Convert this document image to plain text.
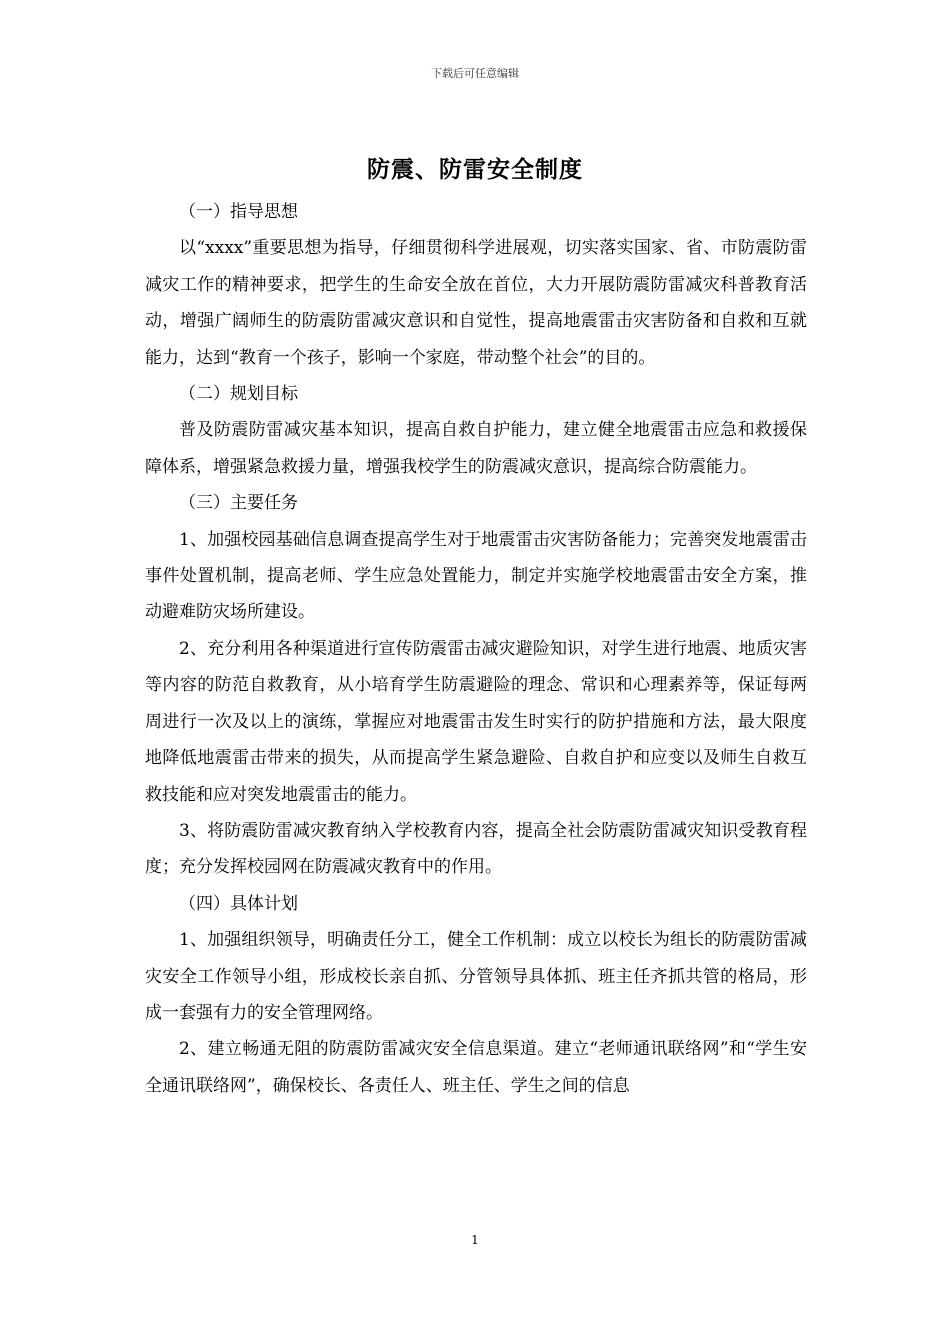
下载后可任意编辑
防震、防雷安全制度

（一）指导思想

以“xxxx”重要思想为指导，仔细贯彻科学进展观，切实落实国家、省、市防震防雷减灾工作的精神要求，把学生的生命安全放在首位，大力开展防震防雷减灾科普教育活动，增强广阔师生的防震防雷减灾意识和自觉性，提高地震雷击灾害防备和自救和互就能力，达到“教育一个孩子，影响一个家庭，带动整个社会”的目的。

（二）规划目标

普及防震防雷减灾基本知识，提高自救自护能力，建立健全地震雷击应急和救援保障体系，增强紧急救援力量，增强我校学生的防震减灾意识，提高综合防震能力。

（三）主要任务

1、加强校园基础信息调查提高学生对于地震雷击灾害防备能力；完善突发地震雷击事件处置机制，提高老师、学生应急处置能力，制定并实施学校地震雷击安全方案，推动避难防灾场所建设。

2、充分利用各种渠道进行宣传防震雷击减灾避险知识，对学生进行地震、地质灾害等内容的防范自救教育，从小培育学生防震避险的理念、常识和心理素养等，保证每两周进行一次及以上的演练，掌握应对地震雷击发生时实行的防护措施和方法，最大限度地降低地震雷击带来的损失，从而提高学生紧急避险、自救自护和应变以及师生自救互救技能和应对突发地震雷击的能力。

3、将防震防雷减灾教育纳入学校教育内容，提高全社会防震防雷减灾知识受教育程度；充分发挥校园网在防震减灾教育中的作用。

（四）具体计划

1、加强组织领导，明确责任分工，健全工作机制：成立以校长为组长的防震防雷减灾安全工作领导小组，形成校长亲自抓、分管领导具体抓、班主任齐抓共管的格局，形成一套强有力的安全管理网络。

2、建立畅通无阻的防震防雷减灾安全信息渠道。建立“老师通讯联络网”和“学生安全通讯联络网”，确保校长、各责任人、班主任、学生之间的信息

1
